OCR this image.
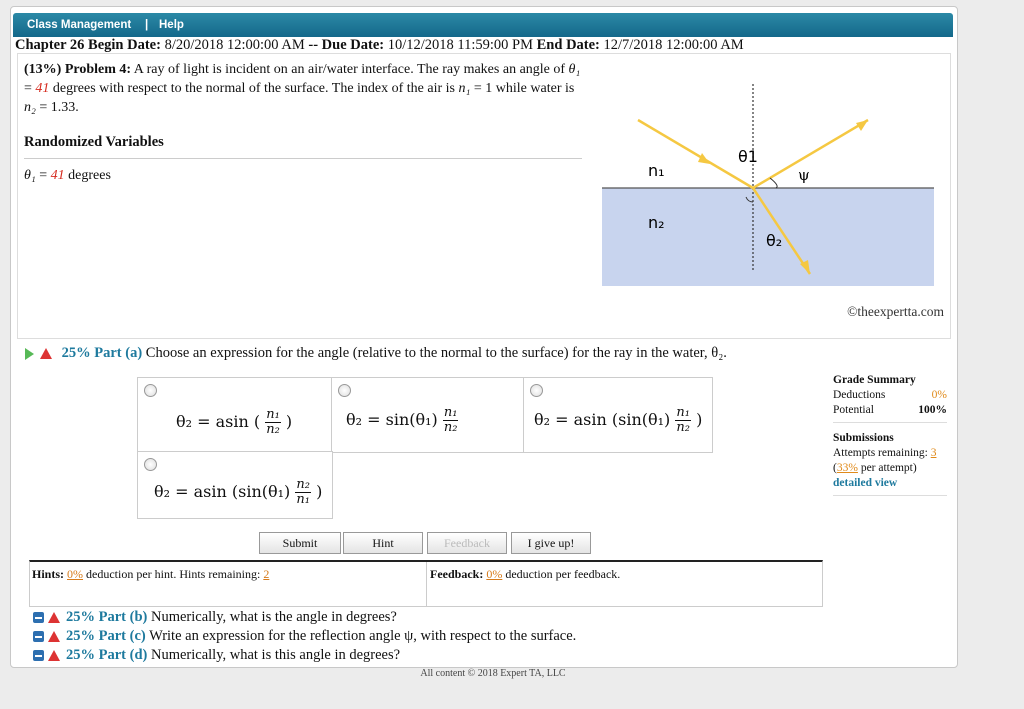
Class Management | Help
Chapter 26 Begin Date: 8/20/2018 12:00:00 AM -- Due Date: 10/12/2018 11:59:00 PM End Date: 12/7/2018 12:00:00 AM
(13%) Problem 4: A ray of light is incident on an air/water interface. The ray makes an angle of θ₁ = 41 degrees with respect to the normal of the surface. The index of the air is n₁ = 1 while water is n₂ = 1.33.
Randomized Variables
θ₁ = 41 degrees	n₁
n₂
θ1
ψ
θ₂
©theexpertta.com
25% Part (a) Choose an expression for the angle (relative to the normal to the surface) for the ray in the water, θ₂.
θ₂ = asin ( $\frac{\text{n₁}}{\text{n₂}}$ )	$\theta_2 = \sin(\theta_1) \frac{\text{n₁}}{\text{n₂}}$	θ₂ = asin ($\sin(\theta_1) \frac{\text{n₁}}{\text{n₂}}$ )
θ₂ = asin ($\sin(\theta_1) \frac{\text{n₂}}{\text{n₁}}$ )
Submit	Hint	Feedback	I give up!
Hints: 0% deduction per hint. Hints remaining: 2	Feedback: 0% deduction per feedback.
Grade Summary
Deductions	0%
Potential	100%
Submissions
Attempts remaining: 3
(33% per attempt)
detailed view
25% Part (b) Numerically, what is the angle in degrees?
25% Part (c) Write an expression for the reflection angle ψ, with respect to the surface.
25% Part (d) Numerically, what is this angle in degrees?
All content © 2018 Expert TA, LLC
